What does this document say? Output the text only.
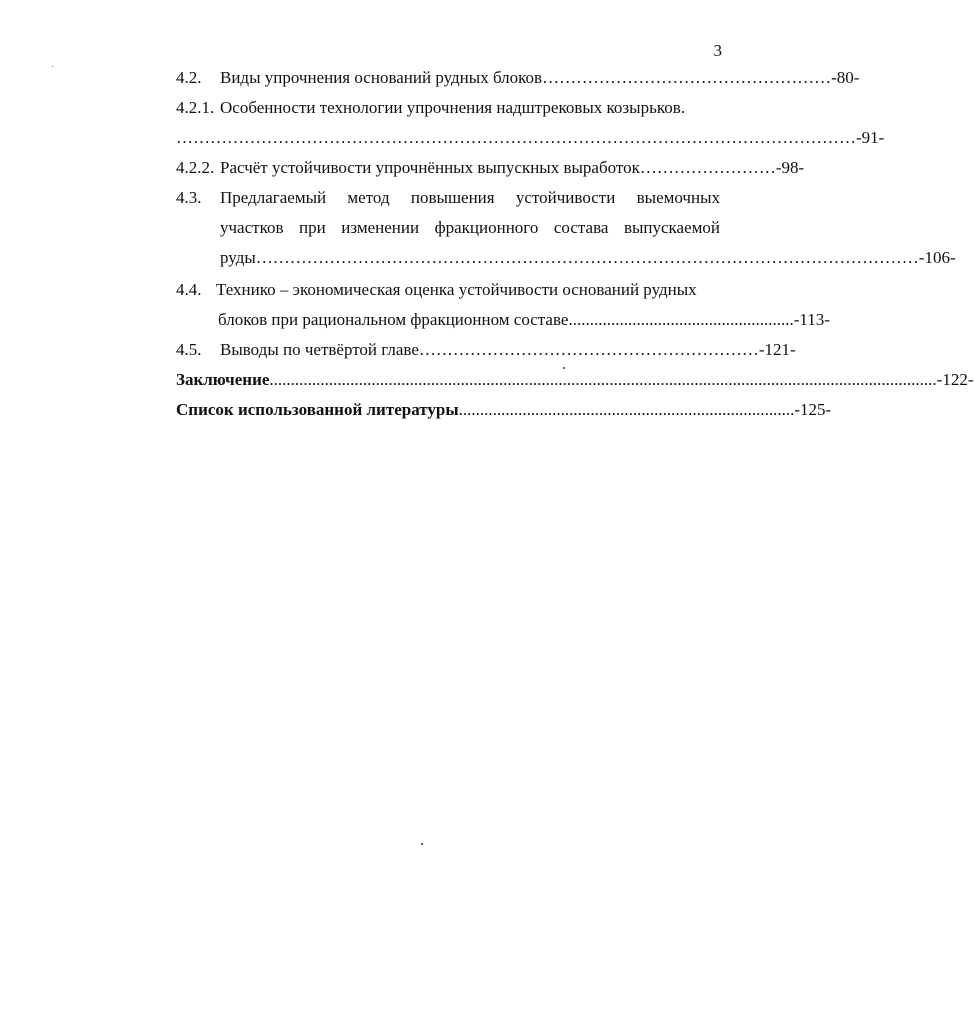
3
4.2. Виды упрочнения оснований рудных блоков …………………………………………… -80-
4.2.1. Особенности технологии упрочнения надштрековых козырьков.
………………………………………………………………………………………………………… -91-
4.2.2. Расчёт устойчивости упрочнённых выпускных выработок …………………… -98-
4.3.	Предлагаемый метод повышения устойчивости выемочных
участков при изменении фракционного состава выпускаемой
руды ……………………………………………………………………………………………………… -106-
4.4. Технико – экономическая оценка устойчивости оснований рудных
блоков при рациональном фракционном составе ..................................................... -113-
4.5. Выводы по четвёртой главе …………………………………………………… -121-
Заключение ............................................................................................................................................................. -122-
Список использованной литературы ............................................................................... -125-
